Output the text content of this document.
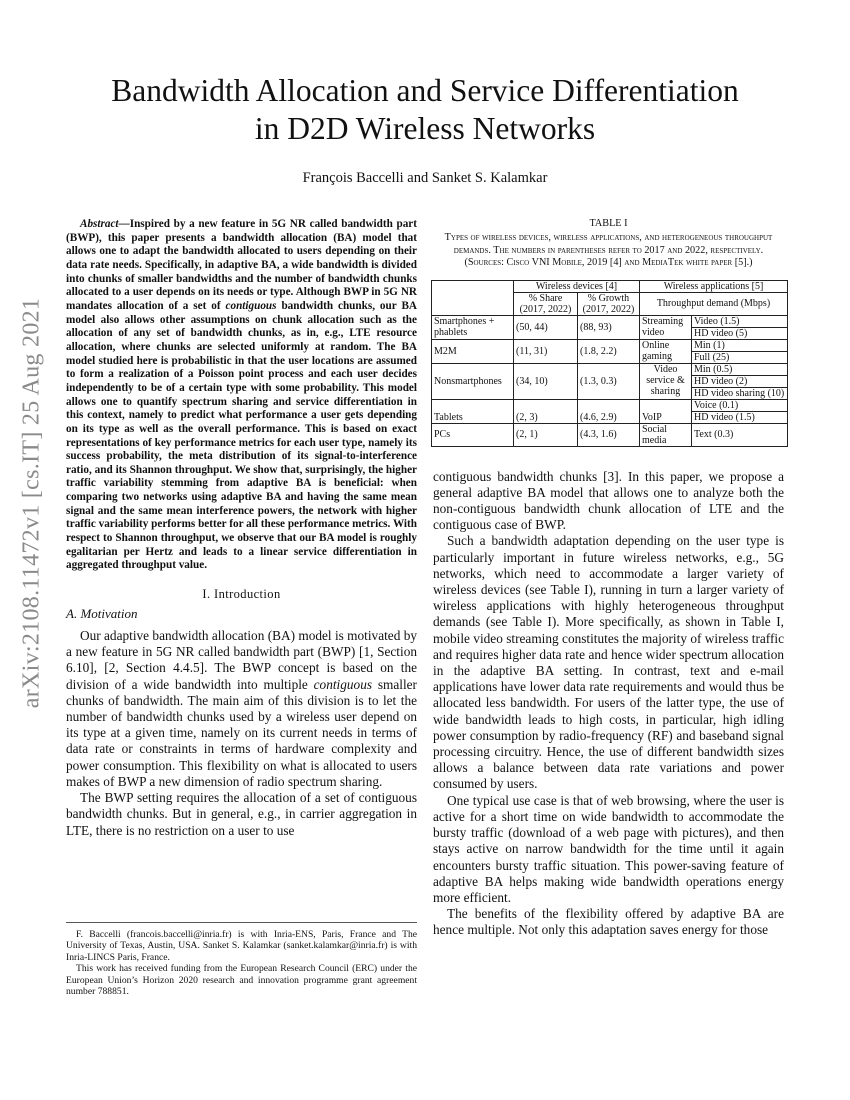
arXiv:2108.11472v1 [cs.IT] 25 Aug 2021
Bandwidth Allocation and Service Differentiation
in D2D Wireless Networks
François Baccelli and Sanket S. Kalamkar

Abstract—Inspired by a new feature in 5G NR called bandwidth part (BWP), this paper presents a bandwidth allocation (BA) model that allows one to adapt the bandwidth allocated to users depending on their data rate needs. Specifically, in adaptive BA, a wide bandwidth is divided into chunks of smaller bandwidths and the number of bandwidth chunks allocated to a user depends on its needs or type. Although BWP in 5G NR mandates allocation of a set of contiguous bandwidth chunks, our BA model also allows other assumptions on chunk allocation such as the allocation of any set of bandwidth chunks, as in, e.g., LTE resource allocation, where chunks are selected uniformly at random. The BA model studied here is probabilistic in that the user locations are assumed to form a realization of a Poisson point process and each user decides independently to be of a certain type with some probability. This model allows one to quantify spectrum sharing and service differentiation in this context, namely to predict what performance a user gets depending on its type as well as the overall performance. This is based on exact representations of key performance metrics for each user type, namely its success probability, the meta distribution of its signal-to-interference ratio, and its Shannon throughput. We show that, surprisingly, the higher traffic variability stemming from adaptive BA is beneficial: when comparing two networks using adaptive BA and having the same mean signal and the same mean interference powers, the network with higher traffic variability performs better for all these performance metrics. With respect to Shannon throughput, we observe that our BA model is roughly egalitarian per Hertz and leads to a linear service differentiation in aggregated throughput value.

I. Introduction
A. Motivation

Our adaptive bandwidth allocation (BA) model is motivated by a new feature in 5G NR called bandwidth part (BWP) [1, Section 6.10], [2, Section 4.4.5]. The BWP concept is based on the division of a wide bandwidth into multiple contiguous smaller chunks of bandwidth. The main aim of this division is to let the number of bandwidth chunks used by a wireless user depend on its type at a given time, namely on its current needs in terms of data rate or constraints in terms of hardware complexity and power consumption. This flexibility on what is allocated to users makes of BWP a new dimension of radio spectrum sharing.

The BWP setting requires the allocation of a set of contiguous bandwidth chunks. But in general, e.g., in carrier aggregation in LTE, there is no restriction on a user to use

F. Baccelli (francois.baccelli@inria.fr) is with Inria-ENS, Paris, France and The University of Texas, Austin, USA. Sanket S. Kalamkar (sanket.kalamkar@inria.fr) is with Inria-LINCS Paris, France.

This work has received funding from the European Research Council (ERC) under the European Union’s Horizon 2020 research and innovation programme grant agreement number 788851.

TABLE I
Types of wireless devices, wireless applications, and heterogeneous throughput demands. The numbers in parentheses refer to 2017 and 2022, respectively. (Sources: Cisco VNI Mobile, 2019 [4] and MediaTek white paper [5].)
	Wireless devices [4]		Wireless applications [5]	
	% Share (2017, 2022)	% Growth (2017, 2022)	Throughput demand (Mbps)	
Smartphones + phablets	(50, 44)	(88, 93)	Streaming video	Video (1.5)
				HD video (5)
M2M	(11, 31)	(1.8, 2.2)	Online gaming	Min (1)
				Full (25)
Nonsmartphones	(34, 10)	(1.3, 0.3)	Video service & sharing	Min (0.5)
				HD video (2)
				HD video sharing (10)
Tablets	(2, 3)	(4.6, 2.9)	VoIP	Voice (0.1)
				HD video (1.5)
PCs	(2, 1)	(4.3, 1.6)	Social media	Text (0.3)

contiguous bandwidth chunks [3]. In this paper, we propose a general adaptive BA model that allows one to analyze both the non-contiguous bandwidth chunk allocation of LTE and the contiguous case of BWP.

Such a bandwidth adaptation depending on the user type is particularly important in future wireless networks, e.g., 5G networks, which need to accommodate a larger variety of wireless devices (see Table I), running in turn a larger variety of wireless applications with highly heterogeneous throughput demands (see Table I). More specifically, as shown in Table I, mobile video streaming constitutes the majority of wireless traffic and requires higher data rate and hence wider spectrum allocation in the adaptive BA setting. In contrast, text and e-mail applications have lower data rate requirements and would thus be allocated less bandwidth. For users of the latter type, the use of wide bandwidth leads to high costs, in particular, high idling power consumption by radio-frequency (RF) and baseband signal processing circuitry. Hence, the use of different bandwidth sizes allows a balance between data rate variations and power consumed by users.

One typical use case is that of web browsing, where the user is active for a short time on wide bandwidth to accommodate the bursty traffic (download of a web page with pictures), and then stays active on narrow bandwidth for the time until it again encounters bursty traffic situation. This power-saving feature of adaptive BA helps making wide bandwidth operations energy more efficient.

The benefits of the flexibility offered by adaptive BA are hence multiple. Not only this adaptation saves energy for those
